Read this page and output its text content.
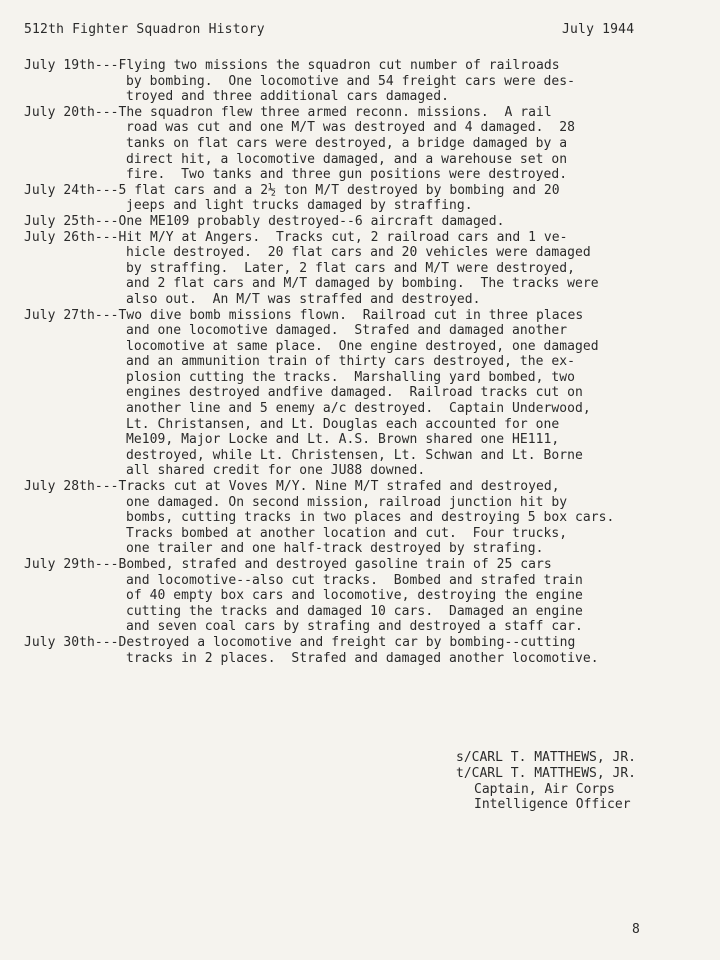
512th Fighter Squadron History	July 1944
July 19th---Flying two missions the squadron cut number of railroads
by bombing.  One locomotive and 54 freight cars were des-
troyed and three additional cars damaged.
July 20th---The squadron flew three armed reconn. missions.  A rail
road was cut and one M/T was destroyed and 4 damaged.  28
tanks on flat cars were destroyed, a bridge damaged by a
direct hit, a locomotive damaged, and a warehouse set on
fire.  Two tanks and three gun positions were destroyed.
July 24th---5 flat cars and a 2½ ton M/T destroyed by bombing and 20
jeeps and light trucks damaged by straffing.
July 25th---One ME109 probably destroyed--6 aircraft damaged.
July 26th---Hit M/Y at Angers.  Tracks cut, 2 railroad cars and 1 ve-
hicle destroyed.  20 flat cars and 20 vehicles were damaged
by straffing.  Later, 2 flat cars and M/T were destroyed,
and 2 flat cars and M/T damaged by bombing.  The tracks were
also out.  An M/T was straffed and destroyed.
July 27th---Two dive bomb missions flown.  Railroad cut in three places
and one locomotive damaged.  Strafed and damaged another
locomotive at same place.  One engine destroyed, one damaged
and an ammunition train of thirty cars destroyed, the ex-
plosion cutting the tracks.  Marshalling yard bombed, two
engines destroyed andfive damaged.  Railroad tracks cut on
another line and 5 enemy a/c destroyed.  Captain Underwood,
Lt. Christansen, and Lt. Douglas each accounted for one
Me109, Major Locke and Lt. A.S. Brown shared one HE111,
destroyed, while Lt. Christensen, Lt. Schwan and Lt. Borne
all shared credit for one JU88 downed.
July 28th---Tracks cut at Voves M/Y. Nine M/T strafed and destroyed,
one damaged. On second mission, railroad junction hit by
bombs, cutting tracks in two places and destroying 5 box cars.
Tracks bombed at another location and cut.  Four trucks,
one trailer and one half-track destroyed by strafing.
July 29th---Bombed, strafed and destroyed gasoline train of 25 cars
and locomotive--also cut tracks.  Bombed and strafed train
of 40 empty box cars and locomotive, destroying the engine
cutting the tracks and damaged 10 cars.  Damaged an engine
and seven coal cars by strafing and destroyed a staff car.
July 30th---Destroyed a locomotive and freight car by bombing--cutting
tracks in 2 places.  Strafed and damaged another locomotive.
s/CARL T. MATTHEWS, JR.
t/CARL T. MATTHEWS, JR.
Captain, Air Corps
Intelligence Officer
8
